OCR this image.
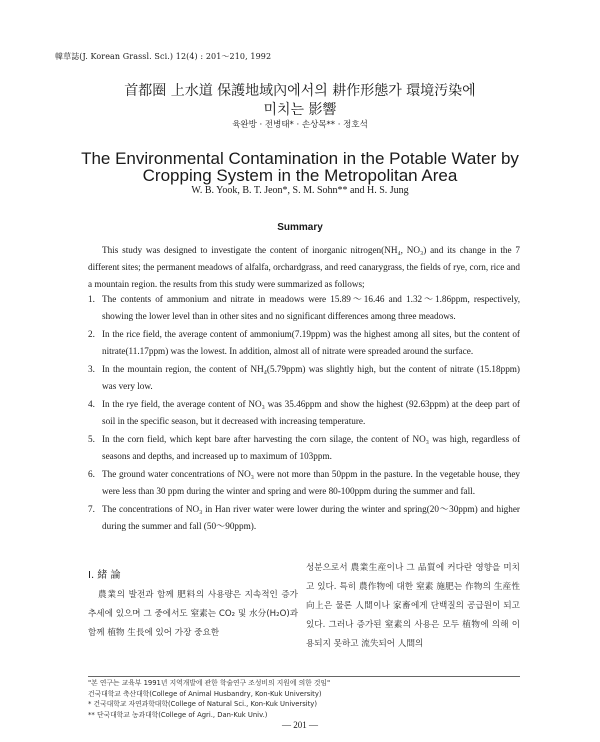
韓草誌(J. Korean Grassl. Sci.) 12(4) : 201～210, 1992
首都圈 上水道 保護地域內에서의 耕作形態가 環境汚染에
미치는 影響
육완방 · 전병태* · 손상목** · 정호석
The Environmental Contamination in the Potable Water by
Cropping System in the Metropolitan Area
W. B. Yook, B. T. Jeon*, S. M. Sohn** and H. S. Jung
Summary
This study was designed to investigate the content of inorganic nitrogen(NH₄, NO₃) and its change in the 7 different sites; the permanent meadows of alfalfa, orchardgrass, and reed canarygrass, the fields of rye, corn, rice and a mountain region. the results from this study were summarized as follows;
1. The contents of ammonium and nitrate in meadows were 15.89～16.46 and 1.32～1.86ppm, respectively, showing the lower level than in other sites and no significant differences among three meadows.
2. In the rice field, the average content of ammonium(7.19ppm) was the highest among all sites, but the content of nitrate(11.17ppm) was the lowest. In addition, almost all of nitrate were spreaded around the surface.
3. In the mountain region, the content of NH₄(5.79ppm) was slightly high, but the content of nitrate (15.18ppm) was very low.
4. In the rye field, the average content of NO₃ was 35.46ppm and show the highest (92.63ppm) at the deep part of soil in the specific season, but it decreased with increasing temperature.
5. In the corn field, which kept bare after harvesting the corn silage, the content of NO₃ was high, regardless of seasons and depths, and increased up to maximum of 103ppm.
6. The ground water concentrations of NO₃ were not more than 50ppm in the pasture. In the vegetable house, they were less than 30 ppm during the winter and spring and were 80-100ppm during the summer and fall.
7. The concentrations of NO₃ in Han river water were lower during the winter and spring(20～30ppm) and higher during the summer and fall (50～90ppm).
Ⅰ. 緒 論
農業의 발전과 함께 肥料의 사용량은 지속적인 증가 추세에 있으며 그 중에서도 窒素는 CO₂ 및 水分(H₂O)과 함께 植物 生長에 있어 가장 중요한
성분으로서 農業生産이나 그 品質에 커다란 영향을 미치고 있다. 특히 農作物에 대한 窒素 施肥는 作物의 生産性 向上은 물론 人間이나 家畜에게 단백질의 공급원이 되고 있다. 그러나 증가된 窒素의 사용은 모두 植物에 의해 이용되지 못하고 流失되어 人間의
"본 연구는 교육부 1991년 지역개발에 관한 학술연구 조성비의 지원에 의한 것임"
건국대학교 축산대학(College of Animal Husbandry, Kon-Kuk University)
* 건국대학교 자연과학대학(College of Natural Sci., Kon-Kuk University)
** 단국대학교 농과대학(College of Agri., Dan-Kuk Univ.)
— 201 —
